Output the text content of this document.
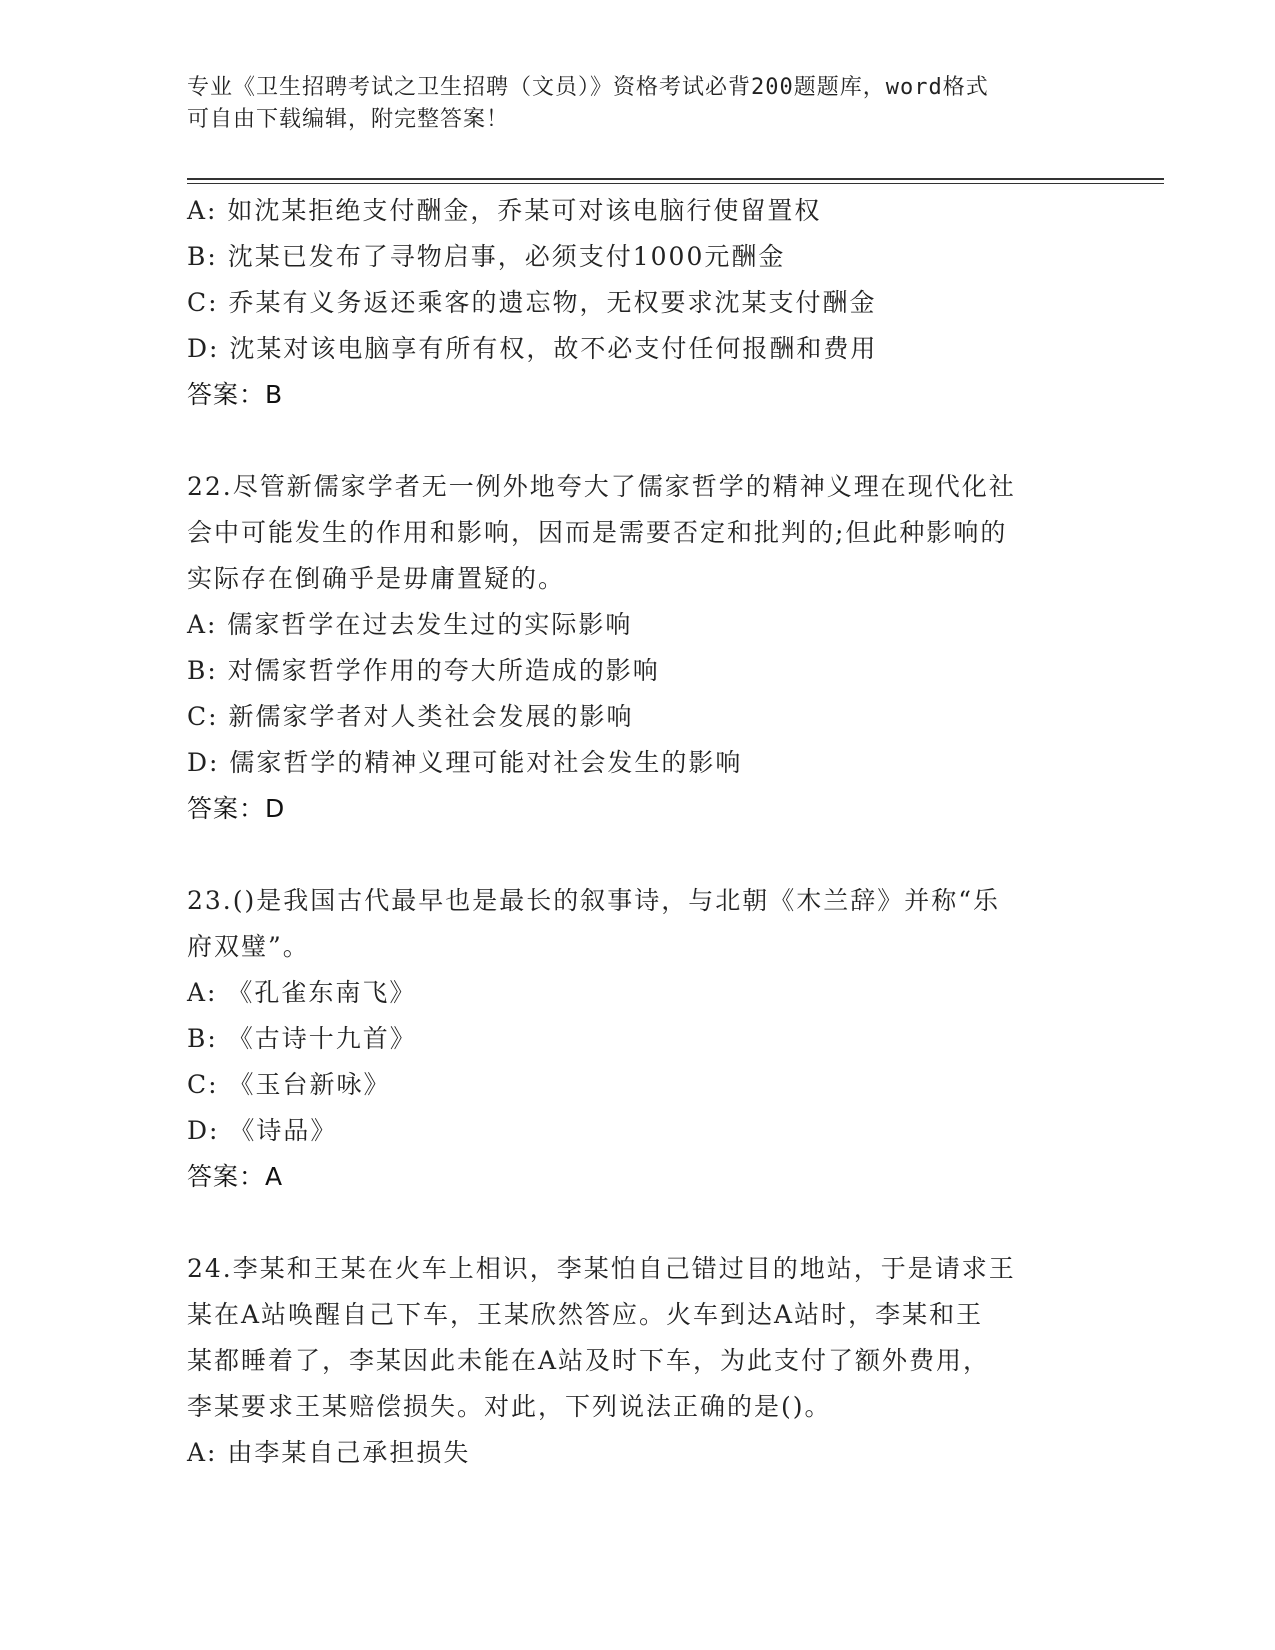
专业《卫生招聘考试之卫生招聘（文员）》资格考试必背200题题库，word格式
可自由下载编辑，附完整答案！
A: 如沈某拒绝支付酬金，乔某可对该电脑行使留置权
B: 沈某已发布了寻物启事，必须支付1000元酬金
C: 乔某有义务返还乘客的遗忘物，无权要求沈某支付酬金
D: 沈某对该电脑享有所有权，故不必支付任何报酬和费用
答案：B
22.尽管新儒家学者无一例外地夸大了儒家哲学的精神义理在现代化社
会中可能发生的作用和影响，因而是需要否定和批判的;但此种影响的
实际存在倒确乎是毋庸置疑的。
A: 儒家哲学在过去发生过的实际影响
B: 对儒家哲学作用的夸大所造成的影响
C: 新儒家学者对人类社会发展的影响
D: 儒家哲学的精神义理可能对社会发生的影响
答案：D
23.()是我国古代最早也是最长的叙事诗，与北朝《木兰辞》并称“乐
府双璧”。
A: 《孔雀东南飞》
B: 《古诗十九首》
C: 《玉台新咏》
D: 《诗品》
答案：A
24.李某和王某在火车上相识，李某怕自己错过目的地站，于是请求王
某在A站唤醒自己下车，王某欣然答应。火车到达A站时，李某和王
某都睡着了，李某因此未能在A站及时下车，为此支付了额外费用，
李某要求王某赔偿损失。对此，下列说法正确的是()。
A: 由李某自己承担损失
